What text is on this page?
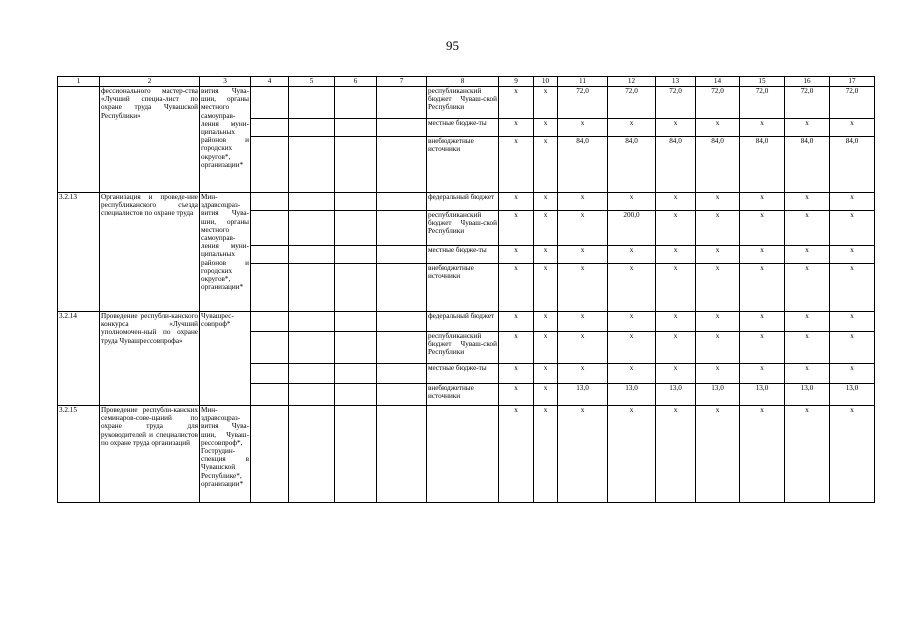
95
1	2	3	4	5	6	7	8	9	10	11	12	13	14	15	16	17
	фессионального мастер-ства «Лучший специа-лист по охране труда Чувашской Республики»	вития Чува-шии, органы местного самоуправ-ления муни-ципальных районов и городских округов*, организации*					республиканский бюджет Чуваш-ской Республики	x	x	72,0	72,0	72,0	72,0	72,0	72,0	72,0
							местные бюдже-ты	x	x	x	x	x	x	x	x	x
							внебюджетные источники	x	x	84,0	84,0	84,0	84,0	84,0	84,0	84,0
3.2.13	Организация и проведе-ние республиканского съезда специалистов по охране труда	Мин-здравсоцраз-вития Чува-шии, органы местного самоуправ-ления муни-ципальных районов и городских округов*, организации*					федеральный бюджет	x	x	x	x	x	x	x	x	x
							республиканский бюджет Чуваш-ской Республики	x	x	x	200,0	x	x	x	x	x
							местные бюдже-ты	x	x	x	x	x	x	x	x	x
							внебюджетные источники	x	x	x	x	x	x	x	x	x
3.2.14	Проведение республи-канского конкурса «Лучший уполномочен-ный по охране труда Чувашрессовпрофа»	Чувашрес-совпроф*					федеральный бюджет	x	x	x	x	x	x	x	x	x
							республиканский бюджет Чуваш-ской Республики	x	x	x	x	x	x	x	x	x
							местные бюдже-ты	x	x	x	x	x	x	x	x	x
							внебюджетные источники	x	x	13,0	13,0	13,0	13,0	13,0	13,0	13,0
3.2.15	Проведение республи-канских семинаров-сове-щаний по охране труда для руководителей и специалистов по охране труда организаций	Мин-здравсоцраз-вития Чува-шии, Чуваш-рессовпроф*, Гострудин-спекция в Чувашской Республике*, организации*						x	x	x	x	x	x	x	x	x
